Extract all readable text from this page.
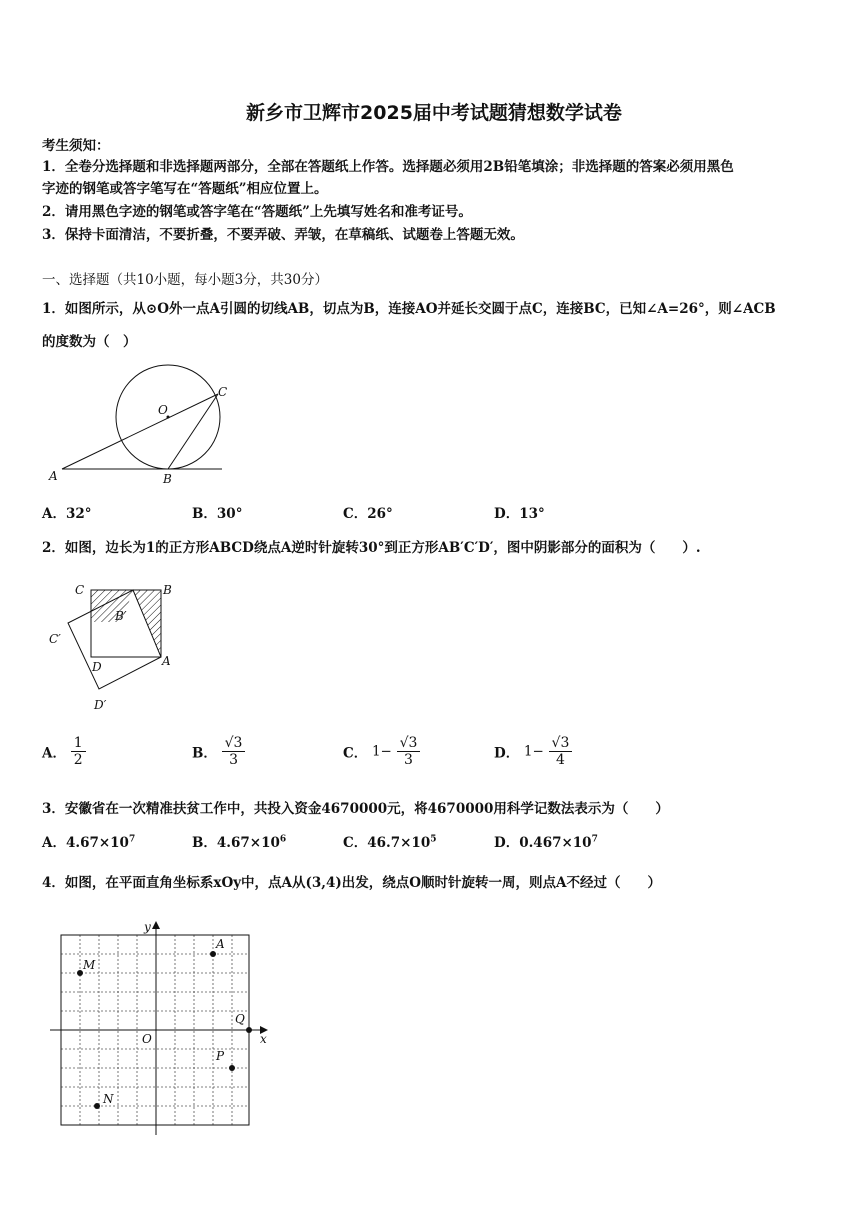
新乡市卫辉市2025届中考试题猜想数学试卷
考生须知：
1．全卷分选择题和非选择题两部分，全部在答题纸上作答。选择题必须用2B铅笔填涂；非选择题的答案必须用黑色
字迹的钢笔或答字笔写在“答题纸”相应位置上。
2．请用黑色字迹的钢笔或答字笔在“答题纸”上先填写姓名和准考证号。
3．保持卡面清洁，不要折叠，不要弄破、弄皱，在草稿纸、试题卷上答题无效。
一、选择题（共10小题，每小题3分，共30分）
1．如图所示，从⊙O外一点A引圆的切线AB，切点为B，连接AO并延长交圆于点C，连接BC，已知∠A=26°，则∠ACB
的度数为（　）
O
C
A	B
A．32°	B．30°	C．26°	D．13°
2．如图，边长为1的正方形ABCD绕点A逆时针旋转30°到正方形AB′C′D′，图中阴影部分的面积为（　　）.
C	B
B′
C′
D	A
D′
A． $\frac{1}{2}$	B． $\frac{√3}{3}$	C． $1- \frac{√3}{3}$	D． $1- \frac{√3}{4}$
3．安徽省在一次精准扶贫工作中，共投入资金4670000元，将4670000用科学记数法表示为（　　）
A．$4.67\times 10^7$	B．$4.67\times 10^6$	C．$46.7\times 10^5$	D．$0.467\times 10^7$
4．如图，在平面直角坐标系xOy中，点A从(3,4)出发，绕点O顺时针旋转一周，则点A不经过（　　）
y
x
O
A
M
Q
P
N
